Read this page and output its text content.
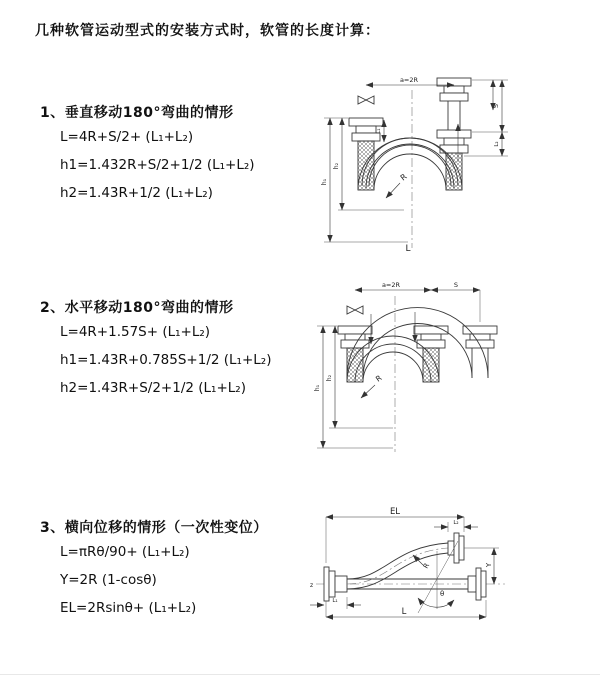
几种软管运动型式的安装方式时，软管的长度计算：
1、垂直移动180°弯曲的情形
L=4R+S/2+ (L₁+L₂)
h1=1.432R+S/2+1/2 (L₁+L₂)
h2=1.43R+1/2 (L₁+L₂)
a=2R
h₁
h₂
L₁
S
L₂
R
L
2、水平移动180°弯曲的情形
L=4R+1.57S+ (L₁+L₂)
h1=1.43R+0.785S+1/2 (L₁+L₂)
h2=1.43R+S/2+1/2 (L₁+L₂)
a=2R	S
h₁
h₂	R
3、横向位移的情形（一次性变位）
L=πRθ/90+ (L₁+L₂)
Y=2R (1-cosθ)
EL=2Rsinθ+ (L₁+L₂)
z
EL
L₂
Y
L
L₁
θ
R
